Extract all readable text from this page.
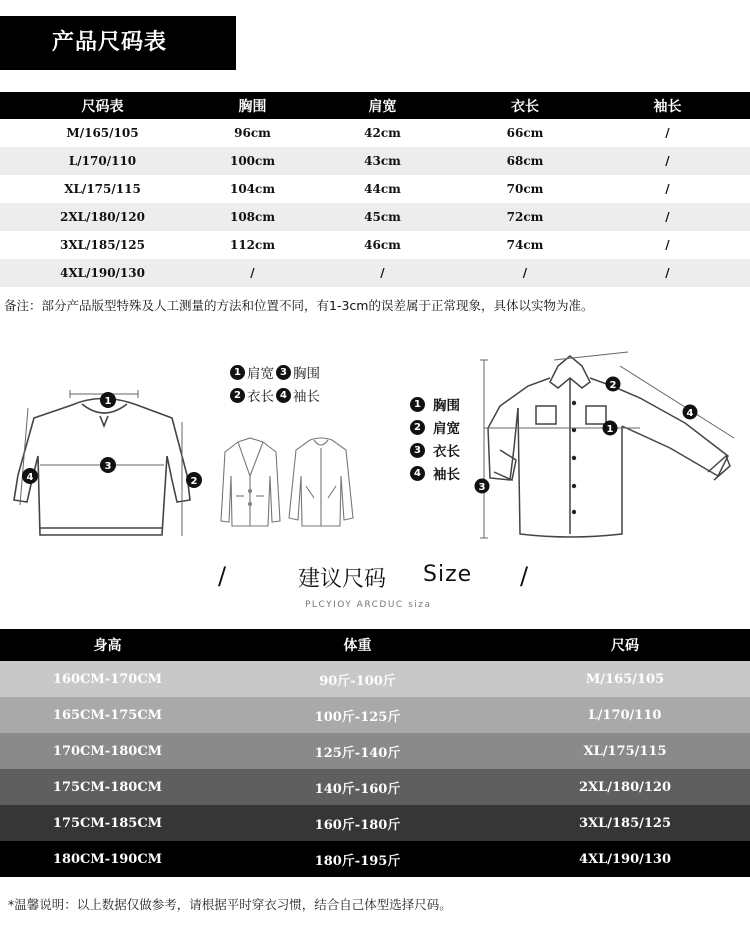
产品尺码表
尺码表	胸围	肩宽	衣长	袖长
M/165/105	96cm	42cm	66cm	/
L/170/110	100cm	43cm	68cm	/
XL/175/115	104cm	44cm	70cm	/
2XL/180/120	108cm	45cm	72cm	/
3XL/185/125	112cm	46cm	74cm	/
4XL/190/130	/	/	/	/
备注：部分产品版型特殊及人工测量的方法和位置不同，有1-3cm的误差属于正常现象，具体以实物为准。
1
3
2
4
1 肩宽 3 胸围
2 衣长 4 袖长	1 胸围
2 肩宽
3 衣长
4 袖长
1
2
3
4
/	建议尺码 Size /
PLCYIOY ARCDUC siza
身高	体重	尺码
160CM-170CM	90斤-100斤	M/165/105
165CM-175CM	100斤-125斤	L/170/110
170CM-180CM	125斤-140斤	XL/175/115
175CM-180CM	140斤-160斤	2XL/180/120
175CM-185CM	160斤-180斤	3XL/185/125
180CM-190CM	180斤-195斤	4XL/190/130
*温馨说明：以上数据仅做参考，请根据平时穿衣习惯，结合自己体型选择尺码。
